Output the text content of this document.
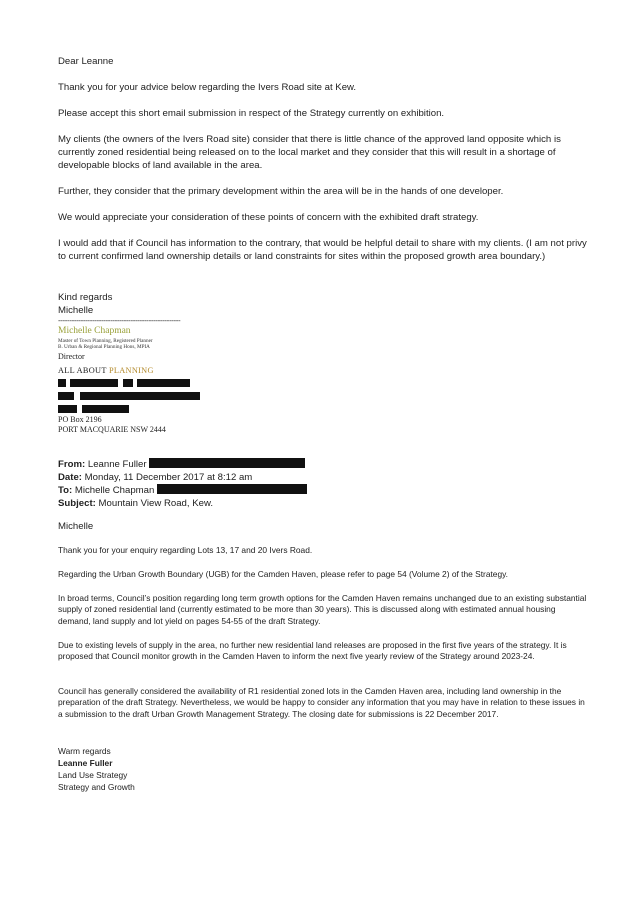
Dear Leanne

Thank you for your advice below regarding the Ivers Road site at Kew.

Please accept this short email submission in respect of the Strategy currently on exhibition.

My clients (the owners of the Ivers Road site) consider that there is little chance of the approved land opposite which is currently zoned residential being released on to the local market and they consider that this will result in a shortage of developable blocks of land available in the area.

Further, they consider that the primary development within the area will be in the hands of one developer.

We would appreciate your consideration of these points of concern with the exhibited draft strategy.

I would add that if Council has information to the contrary, that would be helpful detail to share with my clients. (I am not privy to current confirmed land ownership details or land constraints for sites within the proposed growth area boundary.)

Kind regards

Michelle

------------------------------------------------------
Michelle Chapman
Master of Town Planning, Registered Planner
B. Urban & Regional Planning Hons, MPIA
Director
ALL ABOUT PLANNING
PO Box 2196
PORT MACQUARIE NSW 2444
From: Leanne Fuller
Date: Monday, 11 December 2017 at 8:12 am
To: Michelle Chapman
Subject: Mountain View Road, Kew.

Michelle

Thank you for your enquiry regarding Lots 13, 17 and 20 Ivers Road.

Regarding the Urban Growth Boundary (UGB) for the Camden Haven, please refer to page 54 (Volume 2) of the Strategy.

In broad terms, Council’s position regarding long term growth options for the Camden Haven remains unchanged due to an existing substantial supply of zoned residential land (currently estimated to be more than 30 years). This is discussed along with estimated annual housing demand, land supply and lot yield on pages 54-55 of the draft Strategy.

Due to existing levels of supply in the area, no further new residential land releases are proposed in the first five years of the strategy. It is proposed that Council monitor growth in the Camden Haven to inform the next five yearly review of the Strategy around 2023-24.

Council has generally considered the availability of R1 residential zoned lots in the Camden Haven area, including land ownership in the preparation of the draft Strategy. Nevertheless, we would be happy to consider any information that you may have in relation to these issues in a submission to the draft Urban Growth Management Strategy. The closing date for submissions is 22 December 2017.

Warm regards

Leanne Fuller

Land Use Strategy

Strategy and Growth
